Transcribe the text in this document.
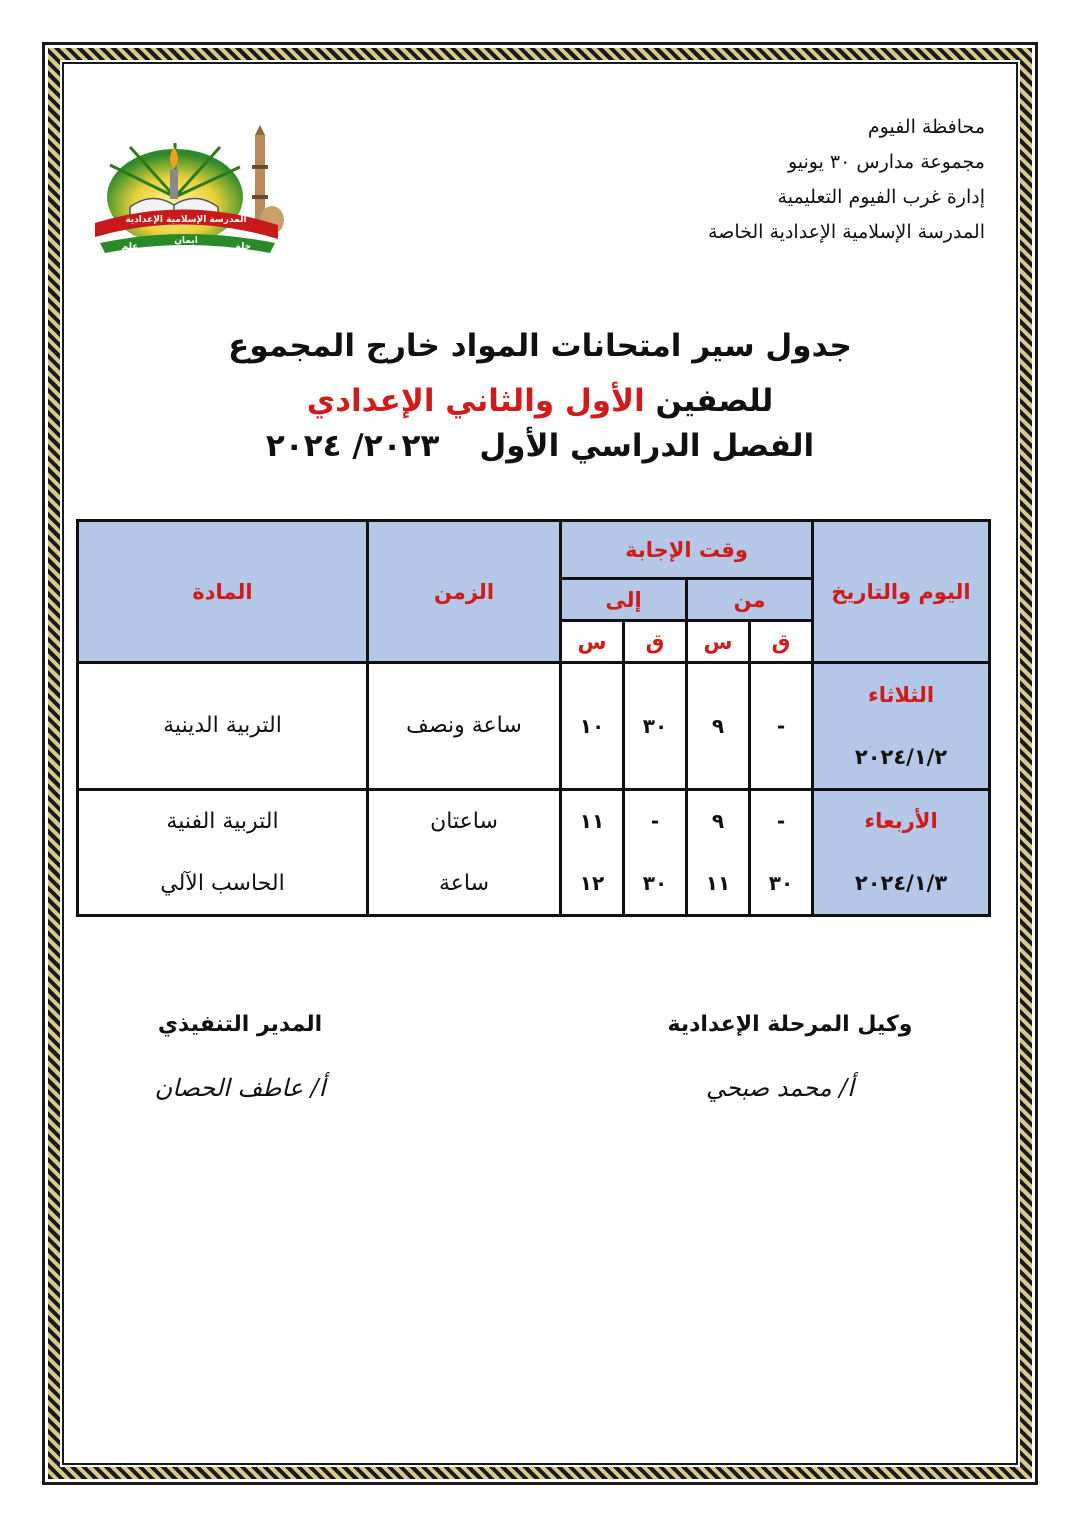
محافظة الفيوم
مجموعة مدارس ٣٠ يونيو
إدارة غرب الفيوم التعليمية
المدرسة الإسلامية الإعدادية الخاصة
المدرسة الإسلامية الإعدادية
ايمان
علم	خلق
جدول سير امتحانات المواد خارج المجموع
للصفين الأول والثاني الإعدادي
الفصل الدراسي الأول٢٠٢٣/ ٢٠٢٤
اليوم والتاريخ	وقت الإجابة				الزمن	المادة
	من		إلى			
	ق	س	ق	س		

الثلاثاء
٢٠٢٤/١/٢	-	٩	٣٠	١٠	ساعة ونصف	التربية الدينية

الأربعاء
٢٠٢٤/١/٣	-	٩	-	١١	ساعتان	التربية الفنية
	٣٠	١١	٣٠	١٢	ساعة	الحاسب الآلي
وكيل المرحلة الإعدادية
أ/ محمد صبحي
المدير التنفيذي
أ/ عاطف الحصان
